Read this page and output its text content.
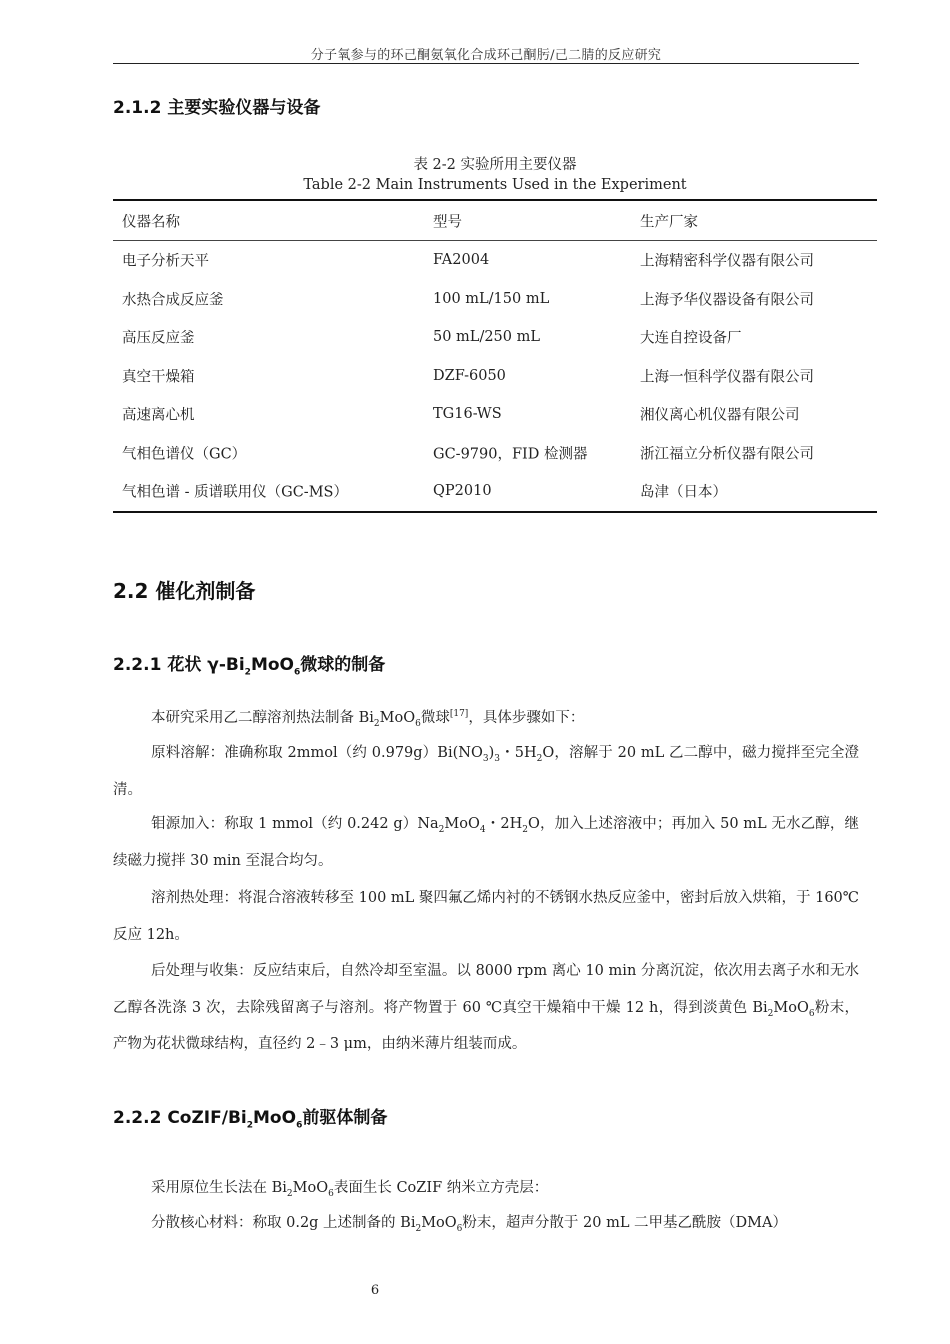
分子氧参与的环己酮氨氧化合成环己酮肟/己二腈的反应研究
2.1.2 主要实验仪器与设备
表 2-2 实验所用主要仪器
Table 2-2 Main Instruments Used in the Experiment
仪器名称	型号	生产厂家
电子分析天平	FA2004	上海精密科学仪器有限公司
水热合成反应釜	100 mL/150 mL	上海予华仪器设备有限公司
高压反应釜	50 mL/250 mL	大连自控设备厂
真空干燥箱	DZF-6050	上海一恒科学仪器有限公司
高速离心机	TG16-WS	湘仪离心机仪器有限公司
气相色谱仪（GC）	GC-9790，FID 检测器	浙江福立分析仪器有限公司
气相色谱 - 质谱联用仪（GC-MS）	QP2010	岛津（日本）
2.2 催化剂制备
2.2.1 花状 $\gamma-Bi_2MoO_6$微球的制备
本研究采用乙二醇溶剂热法制备 $Bi_2MoO_6$微球[17]，具体步骤如下：
原料溶解：准确称取 2mmol（约 $0.979g)Bi(NO_3)_3$・$5H_2O$，溶解于 20 mL 乙二醇中，磁力搅拌至完全澄清。
钼源加入：称取 1 mmol（约 0.242 $g)Na_2MoO_4$・$2H_2O$，加入上述溶液中；再加入 50 mL 无水乙醇，继续磁力搅拌 30 min 至混合均匀。
溶剂热处理：将混合溶液转移至 100 mL 聚四氟乙烯内衬的不锈钢水热反应釜中，密封后放入烘箱，于 160℃反应 12h。
后处理与收集：反应结束后，自然冷却至室温。以 8000 rpm 离心 10 min 分离沉淀，依次用去离子水和无水乙醇各洗涤 3 次，去除残留离子与溶剂。将产物置于 60 ℃真空干燥箱中干燥 12 h，得到淡黄色 $Bi_2MoO_6$粉末，产物为花状微球结构，直径约 2﹣3 μm，由纳米薄片组装而成。
2.2.2 CoZIF/$Bi_2MoO_6$前驱体制备
采用原位生长法在 $Bi_2MoO_6$表面生长 CoZIF 纳米立方壳层：
分散核心材料：称取 0.2g 上述制备的 $Bi_2MoO_6$粉末，超声分散于 20 mL 二甲基乙酰胺（DMA）
6
